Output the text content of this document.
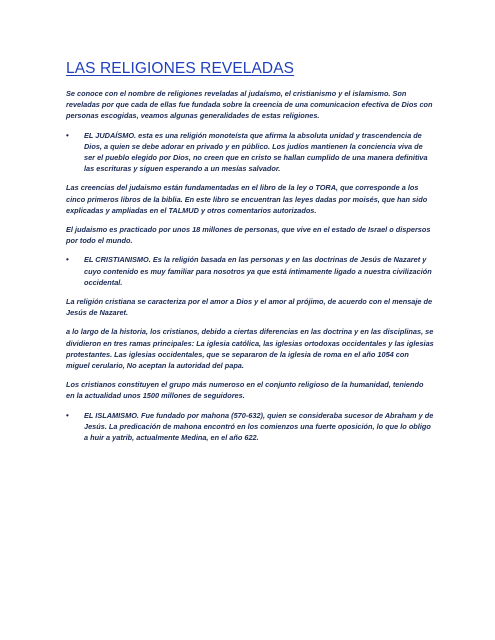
LAS RELIGIONES REVELADAS

Se conoce con el nombre de religiones reveladas al judaísmo, el cristianismo y el islamismo. Son reveladas por que cada de ellas fue fundada sobre la creencia de una comunicacion efectiva de Dios con personas escogidas, veamos algunas generalidades de estas religiones.

• EL JUDAÍSMO. esta es una religión monoteísta que afirma la absoluta unidad y trascendencia de Dios, a quien se debe adorar en privado y en público. Los judíos mantienen la conciencia viva de ser el pueblo elegido por Dios, no creen que en cristo se hallan cumplido de una manera definitiva las escrituras y siguen esperando a un mesías salvador.

Las creencias del judaismo están fundamentadas en el libro de la ley o TORA, que corresponde a los cinco primeros libros de la biblia. En este libro se encuentran las leyes dadas por moisés, que han sido explicadas y ampliadas en el TALMUD y otros comentarios autorizados.

El judaismo es practicado por unos 18 millones de personas, que vive en el estado de Israel o dispersos por todo el mundo.

• EL CRISTIANISMO. Es la religión basada en las personas y en las doctrinas de Jesús de Nazaret y cuyo contenido es muy familiar para nosotros ya que está íntimamente ligado a nuestra civilización occidental.

La religión cristiana se caracteriza por el amor a Dios y el amor al prójimo, de acuerdo con el mensaje de Jesús de Nazaret.

a lo largo de la historia, los cristianos, debido a ciertas diferencias en las doctrina y en las disciplinas, se dividieron en tres ramas principales: La iglesia católica, las iglesias ortodoxas occidentales y las iglesias protestantes. Las iglesias occidentales, que se separaron de la iglesia de roma en el año 1054 con miguel cerulario, No aceptan la autoridad del papa.

Los cristianos constituyen el grupo más numeroso en el conjunto religioso de la humanidad, teniendo en la actualidad unos 1500 millones de seguidores.

• EL ISLAMISMO. Fue fundado por mahona (570-632), quien se consideraba sucesor de Abraham y de Jesús. La predicación de mahona encontró en los comienzos una fuerte oposición, lo que lo obligo a huir a yatrib, actualmente Medina, en el año 622.
